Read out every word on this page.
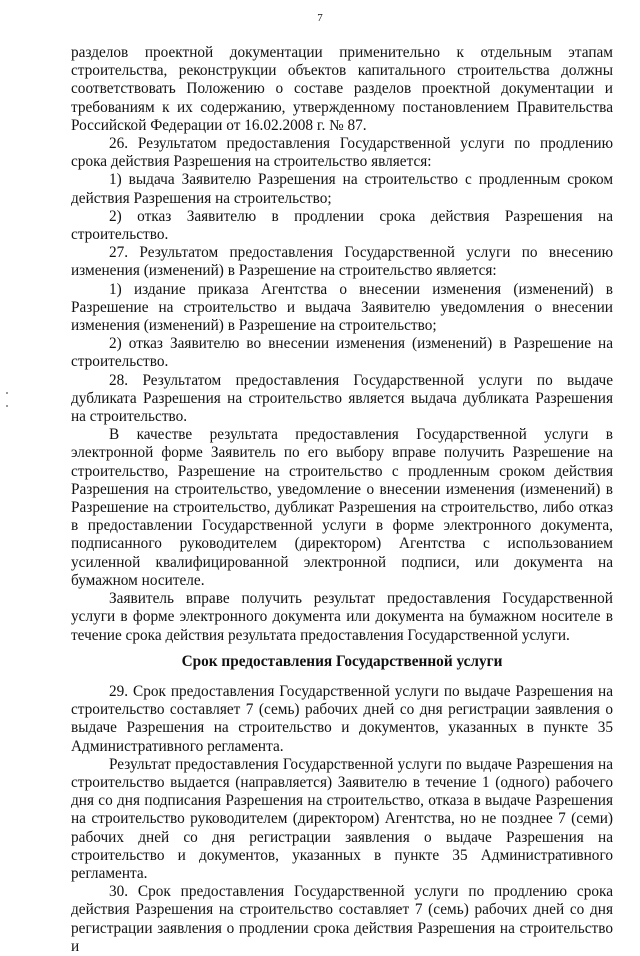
7

разделов проектной документации применительно к отдельным этапам строительства, реконструкции объектов капитального строительства должны соответствовать Положению о составе разделов проектной документации и требованиям к их содержанию, утвержденному постановлением Правительства Российской Федерации от 16.02.2008 г. № 87.

26. Результатом предоставления Государственной услуги по продлению срока действия Разрешения на строительство является:

1) выдача Заявителю Разрешения на строительство с продленным сроком действия Разрешения на строительство;

2) отказ Заявителю в продлении срока действия Разрешения на строительство.

27. Результатом предоставления Государственной услуги по внесению изменения (изменений) в Разрешение на строительство является:

1) издание приказа Агентства о внесении изменения (изменений) в Разрешение на строительство и выдача Заявителю уведомления о внесении изменения (изменений) в Разрешение на строительство;

2) отказ Заявителю во внесении изменения (изменений) в Разрешение на строительство.

28. Результатом предоставления Государственной услуги по выдаче дубликата Разрешения на строительство является выдача дубликата Разрешения на строительство.

В качестве результата предоставления Государственной услуги в электронной форме Заявитель по его выбору вправе получить Разрешение на строительство, Разрешение на строительство с продленным сроком действия Разрешения на строительство, уведомление о внесении изменения (изменений) в Разрешение на строительство, дубликат Разрешения на строительство, либо отказ в предоставлении Государственной услуги в форме электронного документа, подписанного руководителем (директором) Агентства с использованием усиленной квалифицированной электронной подписи, или документа на бумажном носителе.

Заявитель вправе получить результат предоставления Государственной услуги в форме электронного документа или документа на бумажном носителе в течение срока действия результата предоставления Государственной услуги.

Срок предоставления Государственной услуги

29. Срок предоставления Государственной услуги по выдаче Разрешения на строительство составляет 7 (семь) рабочих дней со дня регистрации заявления о выдаче Разрешения на строительство и документов, указанных в пункте 35 Административного регламента.

Результат предоставления Государственной услуги по выдаче Разрешения на строительство выдается (направляется) Заявителю в течение 1 (одного) рабочего дня со дня подписания Разрешения на строительство, отказа в выдаче Разрешения на строительство руководителем (директором) Агентства, но не позднее 7 (семи) рабочих дней со дня регистрации заявления о выдаче Разрешения на строительство и документов, указанных в пункте 35 Административного регламента.

30. Срок предоставления Государственной услуги по продлению срока действия Разрешения на строительство составляет 7 (семь) рабочих дней со дня регистрации заявления о продлении срока действия Разрешения на строительство и
